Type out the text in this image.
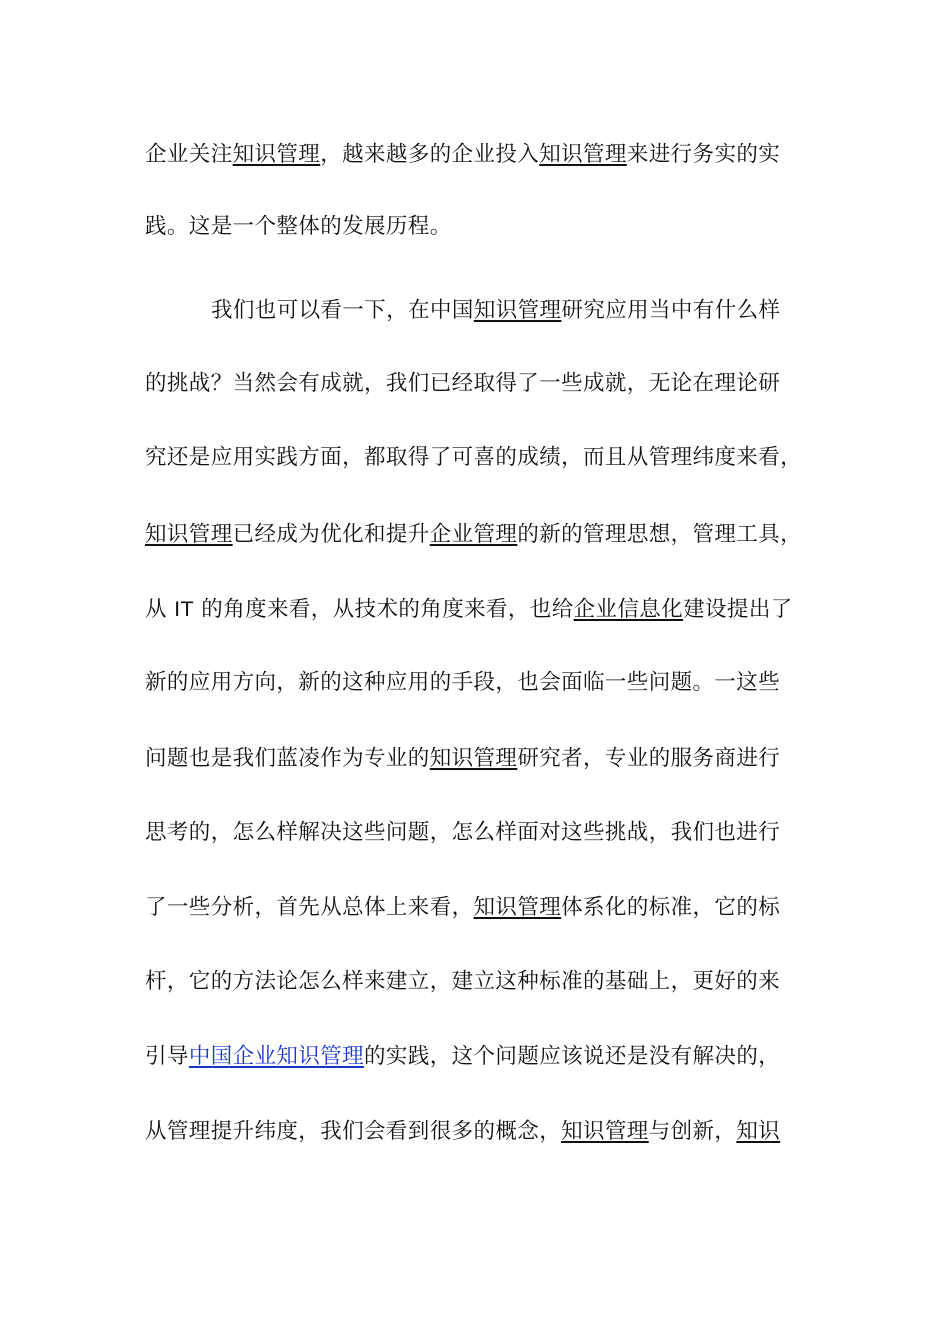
企业关注知识管理，越来越多的企业投入知识管理来进行务实的实
践。这是一个整体的发展历程。
我们也可以看一下，在中国知识管理研究应用当中有什么样
的挑战？当然会有成就，我们已经取得了一些成就，无论在理论研
究还是应用实践方面，都取得了可喜的成绩，而且从管理纬度来看，
知识管理已经成为优化和提升企业管理的新的管理思想，管理工具，
从 IT 的角度来看，从技术的角度来看，也给企业信息化建设提出了
新的应用方向，新的这种应用的手段，也会面临一些问题。一这些
问题也是我们蓝凌作为专业的知识管理研究者，专业的服务商进行
思考的，怎么样解决这些问题，怎么样面对这些挑战，我们也进行
了一些分析，首先从总体上来看，知识管理体系化的标准，它的标
杆，它的方法论怎么样来建立，建立这种标准的基础上，更好的来
引导中国企业知识管理的实践，这个问题应该说还是没有解决的，
从管理提升纬度，我们会看到很多的概念，知识管理与创新，知识
